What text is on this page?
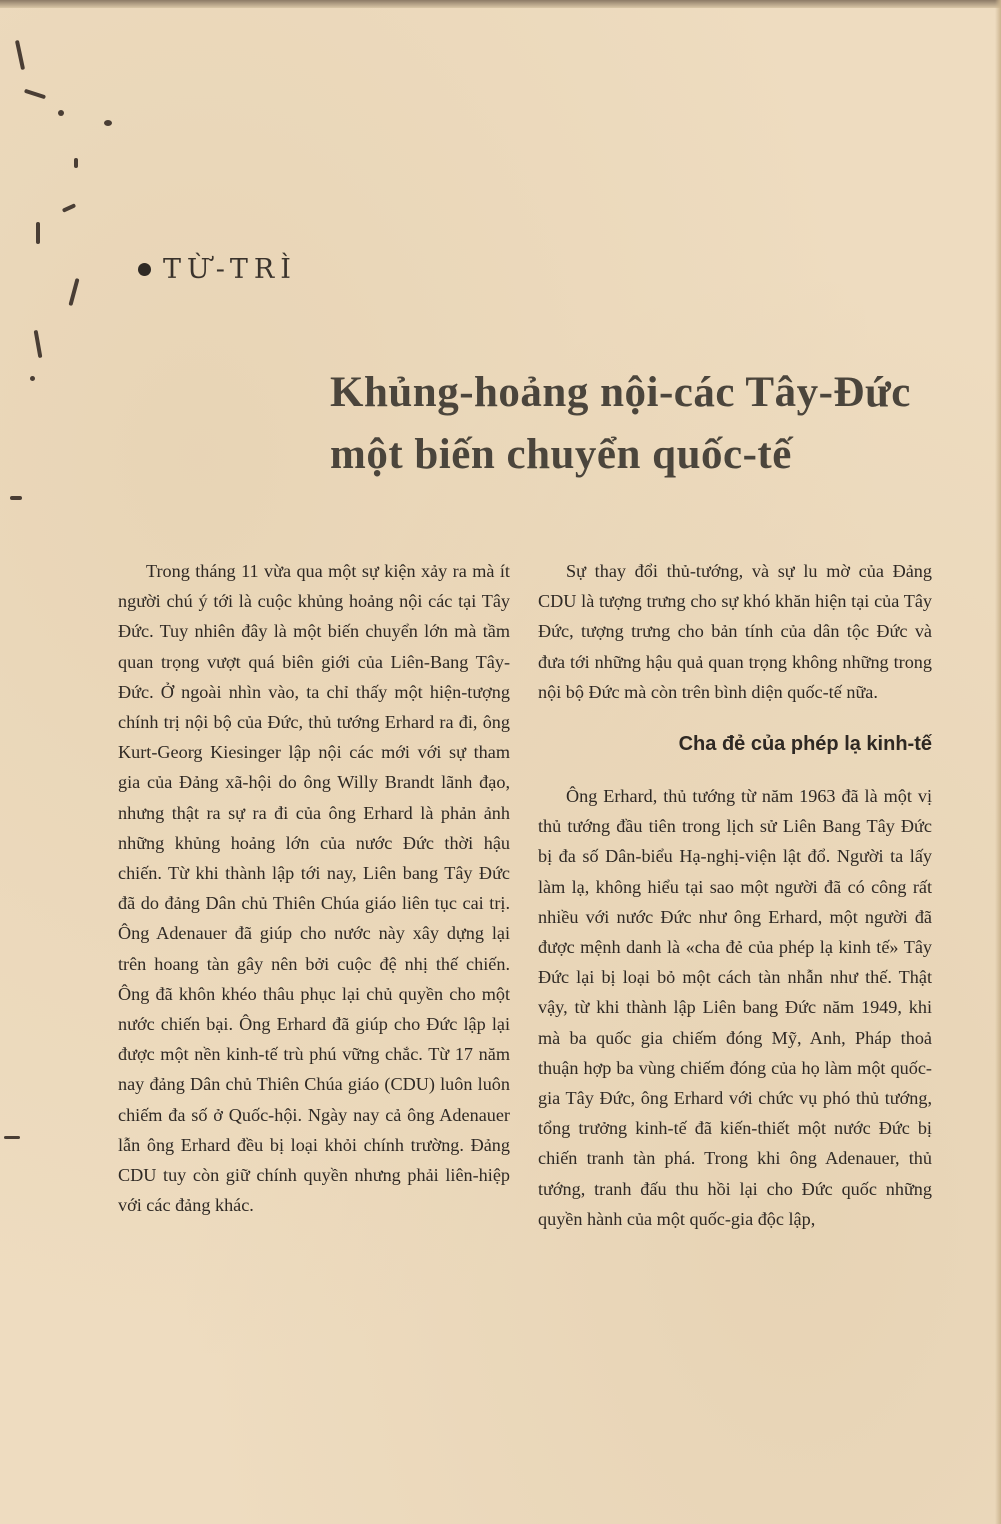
TỪ-TRÌ
Khủng-hoảng nội-các Tây-Đức
một biến chuyển quốc-tế

Trong tháng 11 vừa qua một sự kiện xảy ra mà ít người chú ý tới là cuộc khủng hoảng nội các tại Tây Đức. Tuy nhiên đây là một biến chuyển lớn mà tầm quan trọng vượt quá biên giới của Liên-Bang Tây-Đức. Ở ngoài nhìn vào, ta chỉ thấy một hiện-tượng chính trị nội bộ của Đức, thủ tướng Erhard ra đi, ông Kurt-Georg Kiesinger lập nội các mới với sự tham gia của Đảng xã-hội do ông Willy Brandt lãnh đạo, nhưng thật ra sự ra đi của ông Erhard là phản ảnh những khủng hoảng lớn của nước Đức thời hậu chiến. Từ khi thành lập tới nay, Liên bang Tây Đức đã do đảng Dân chủ Thiên Chúa giáo liên tục cai trị. Ông Adenauer đã giúp cho nước này xây dựng lại trên hoang tàn gây nên bởi cuộc đệ nhị thế chiến. Ông đã khôn khéo thâu phục lại chủ quyền cho một nước chiến bại. Ông Erhard đã giúp cho Đức lập lại được một nền kinh-tế trù phú vững chắc. Từ 17 năm nay đảng Dân chủ Thiên Chúa giáo (CDU) luôn luôn chiếm đa số ở Quốc-hội. Ngày nay cả ông Adenauer lẫn ông Erhard đều bị loại khỏi chính trường. Đảng CDU tuy còn giữ chính quyền nhưng phải liên-hiệp với các đảng khác.

Sự thay đổi thủ-tướng, và sự lu mờ của Đảng CDU là tượng trưng cho sự khó khăn hiện tại của Tây Đức, tượng trưng cho bản tính của dân tộc Đức và đưa tới những hậu quả quan trọng không những trong nội bộ Đức mà còn trên bình diện quốc-tế nữa.

Cha đẻ của phép lạ kinh-tế

Ông Erhard, thủ tướng từ năm 1963 đã là một vị thủ tướng đầu tiên trong lịch sử Liên Bang Tây Đức bị đa số Dân-biểu Hạ-nghị-viện lật đổ. Người ta lấy làm lạ, không hiểu tại sao một người đã có công rất nhiều với nước Đức như ông Erhard, một người đã được mệnh danh là «cha đẻ của phép lạ kinh tế» Tây Đức lại bị loại bỏ một cách tàn nhẫn như thế. Thật vậy, từ khi thành lập Liên bang Đức năm 1949, khi mà ba quốc gia chiếm đóng Mỹ, Anh, Pháp thoả thuận hợp ba vùng chiếm đóng của họ làm một quốc-gia Tây Đức, ông Erhard với chức vụ phó thủ tướng, tổng trưởng kinh-tế đã kiến-thiết một nước Đức bị chiến tranh tàn phá. Trong khi ông Adenauer, thủ tướng, tranh đấu thu hồi lại cho Đức quốc những quyền hành của một quốc-gia độc lập,
